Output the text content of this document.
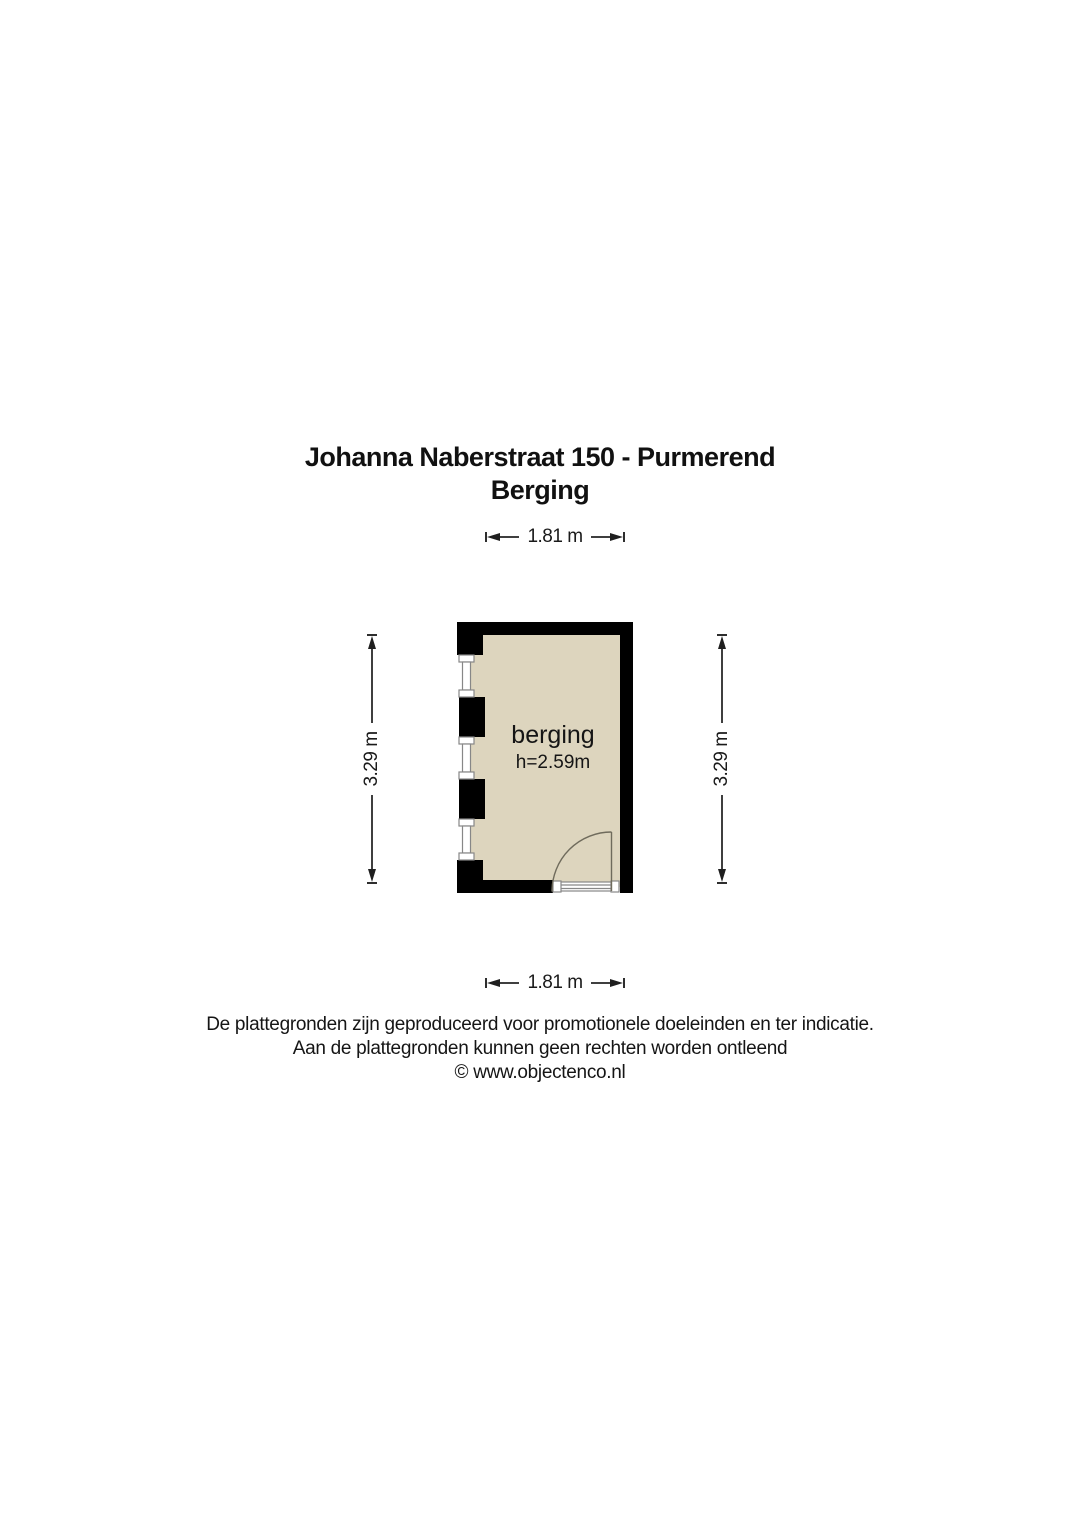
Johanna Naberstraat 150 - Purmerend
Berging
1.81 m
3.29 m	3.29 m
berging
h=2.59m
1.81 m
De plattegronden zijn geproduceerd voor promotionele doeleinden en ter indicatie.
Aan de plattegronden kunnen geen rechten worden ontleend
© www.objectenco.nl
